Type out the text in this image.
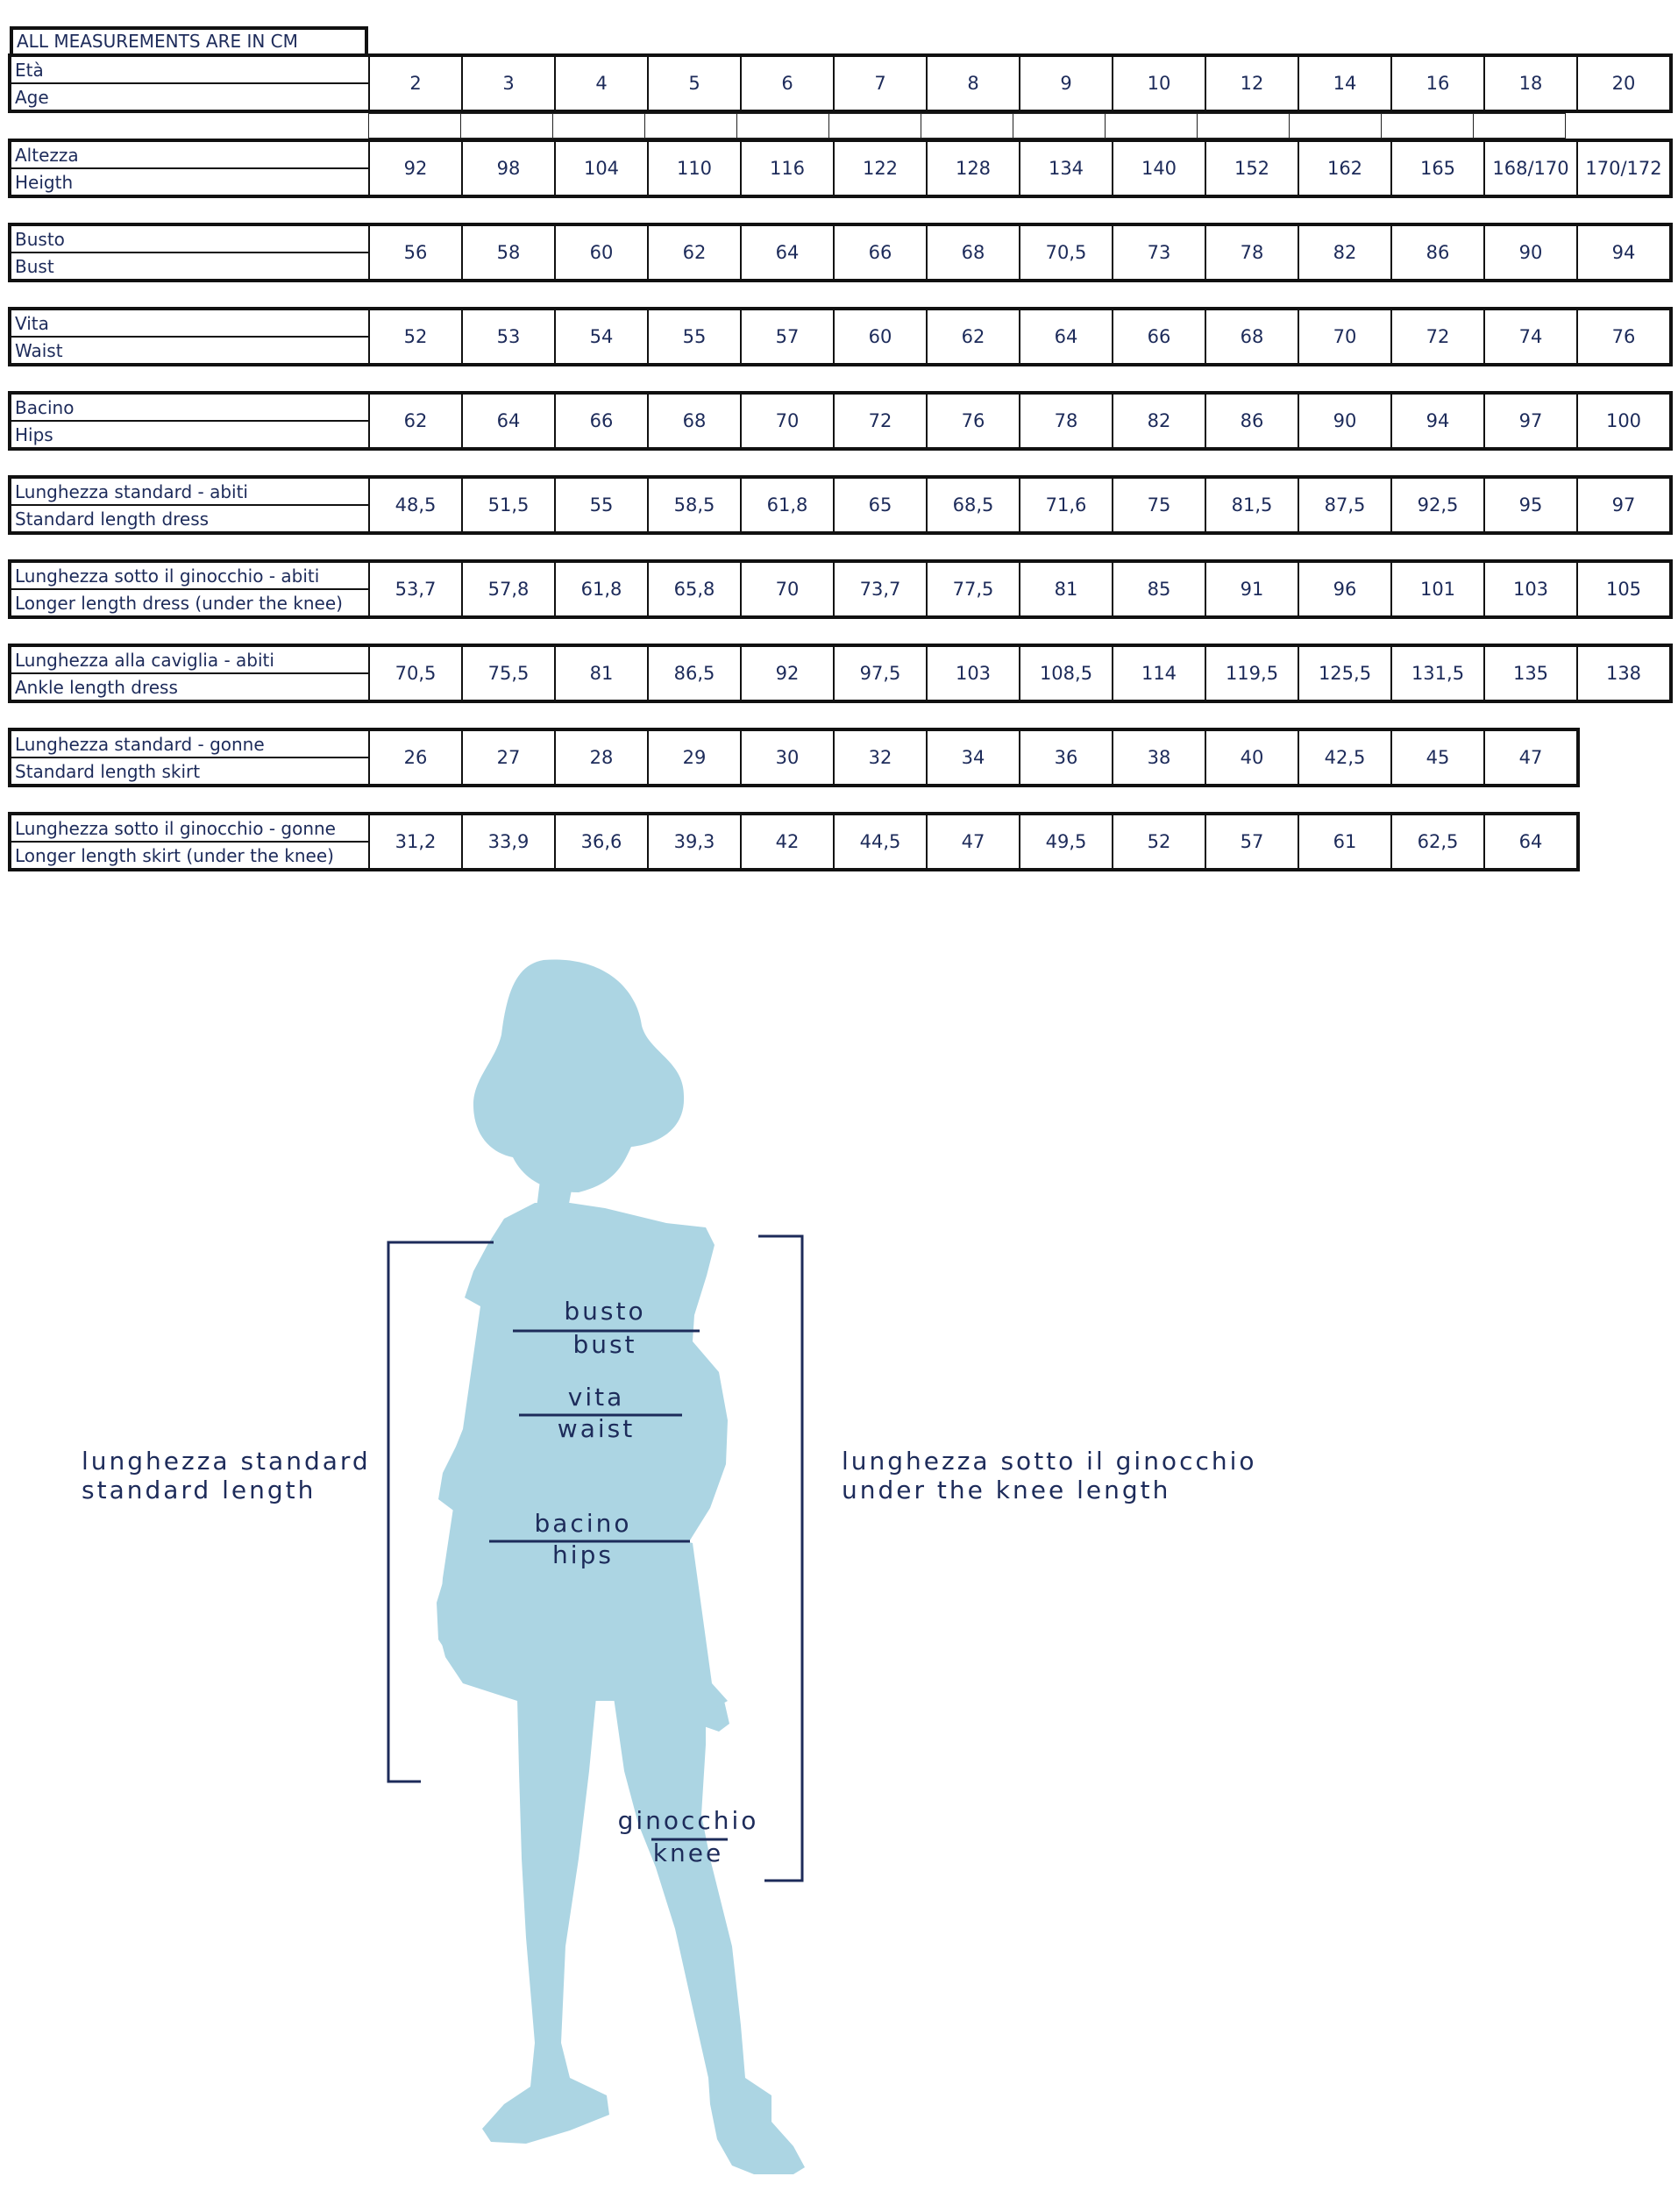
ALL MEASUREMENTS ARE IN CM
Età	2	3	4	5	6	7	8	9	10	12	14	16	18	20
Age

Altezza	92	98	104	110	116	122	128	134	140	152	162	165	168/170	170/172
Heigth
Busto	56	58	60	62	64	66	68	70,5	73	78	82	86	90	94
Bust
Vita	52	53	54	55	57	60	62	64	66	68	70	72	74	76
Waist
Bacino	62	64	66	68	70	72	76	78	82	86	90	94	97	100
Hips
Lunghezza standard - abiti	48,5	51,5	55	58,5	61,8	65	68,5	71,6	75	81,5	87,5	92,5	95	97
Standard length dress
Lunghezza sotto il ginocchio - abiti	53,7	57,8	61,8	65,8	70	73,7	77,5	81	85	91	96	101	103	105
Longer length dress (under the knee)
Lunghezza alla caviglia - abiti	70,5	75,5	81	86,5	92	97,5	103	108,5	114	119,5	125,5	131,5	135	138
Ankle length dress
Lunghezza standard - gonne	26	27	28	29	30	32	34	36	38	40	42,5	45	47
Standard length skirt
Lunghezza sotto il ginocchio - gonne	31,2	33,9	36,6	39,3	42	44,5	47	49,5	52	57	61	62,5	64
Longer length skirt (under the knee)
busto
bust
vita
waist
bacino
hips
ginocchio
knee
lunghezza standard
standard length
lunghezza sotto il ginocchio
under the knee length
